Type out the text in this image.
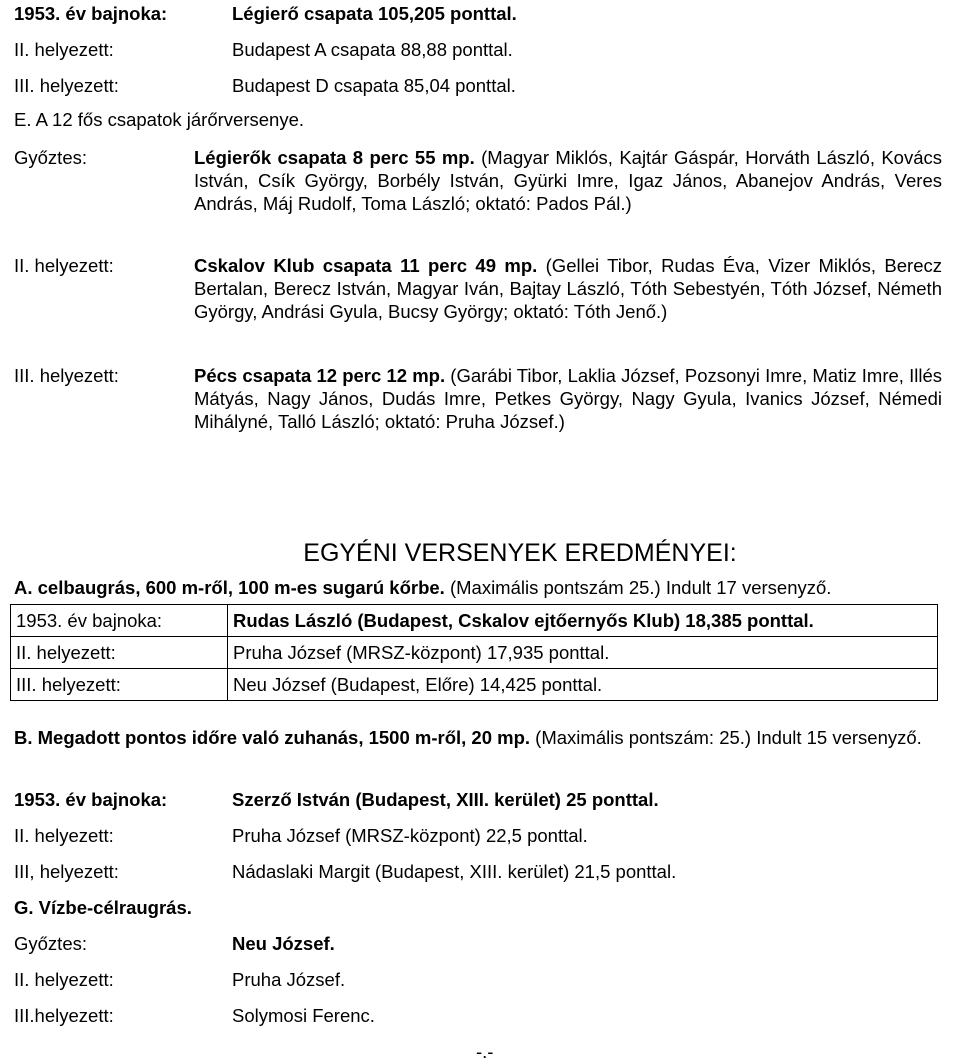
1953. év bajnoka:	Légierő csapata 105,205 ponttal.
II. helyezett:	Budapest A csapata 88,88 ponttal.
III. helyezett:	Budapest D csapata 85,04 ponttal.
E. A 12 fős csapatok járőrversenye.
Győztes:	Légierők csapata 8 perc 55 mp. (Magyar Miklós, Kajtár Gáspár, Horváth László, Kovács István, Csík György, Borbély István, Gyürki Imre, Igaz János, Abanejov András, Veres András, Máj Rudolf, Toma László; oktató: Pados Pál.)
II. helyezett:	Cskalov Klub csapata 11 perc 49 mp. (Gellei Tibor, Rudas Éva, Vizer Miklós, Berecz Bertalan, Berecz István, Magyar Iván, Bajtay László, Tóth Sebestyén, Tóth József, Németh György, Andrási Gyula, Bucsy György; oktató: Tóth Jenő.)
III. helyezett:	Pécs csapata 12 perc 12 mp. (Garábi Tibor, Laklia József, Pozsonyi Imre, Matiz Imre, Illés Mátyás, Nagy János, Dudás Imre, Petkes György, Nagy Gyula, Ivanics József, Némedi Mihályné, Talló László; oktató: Pruha József.)
EGYÉNI VERSENYEK EREDMÉNYEI:
A. celbaugrás, 600 m-ről, 100 m-es sugarú kőrbe. (Maximális pontszám 25.) Indult 17 versenyző.
1953. év bajnoka:	Rudas László (Budapest, Cskalov ejtőernyős Klub) 18,385 ponttal.
II. helyezett:	Pruha József (MRSZ-központ) 17,935 ponttal.
III. helyezett:	Neu József (Budapest, Előre) 14,425 ponttal.
B. Megadott pontos időre való zuhanás, 1500 m-ről, 20 mp. (Maximális pontszám: 25.) Indult 15 versenyző.
1953. év bajnoka:	Szerző István (Budapest, XIII. kerület) 25 ponttal.
II. helyezett:	Pruha József (MRSZ-központ) 22,5 ponttal.
III, helyezett:	Nádaslaki Margit (Budapest, XIII. kerület) 21,5 ponttal.
G. Vízbe-célraugrás.
Győztes:	Neu József.
II. helyezett:	Pruha József.
III.helyezett:	Solymosi Ferenc.
-.-
